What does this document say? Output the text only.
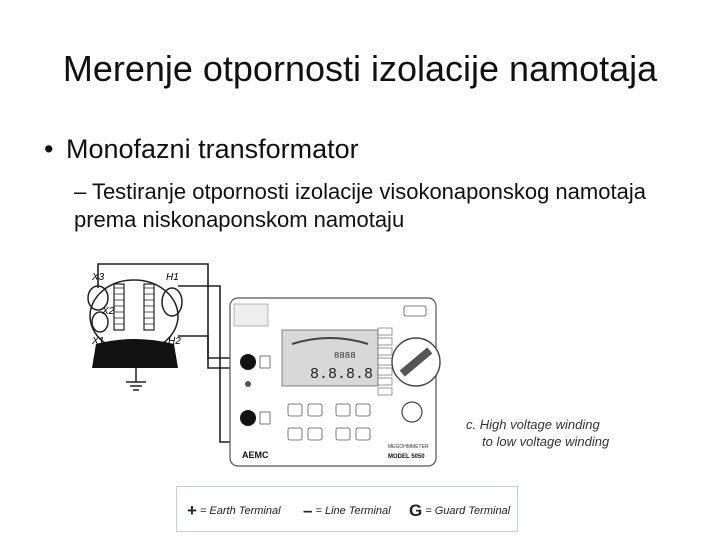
Merenje otpornosti izolacije namotaja
• Monofazni transformator
– Testiranje otpornosti izolacije visokonaponskog namotaja prema niskonaponskom namotaju
X3	H1
X2
X1	H2
8888
8.8.8.8
AEMC
MEGOHMMETER
MODEL 5050
c. High voltage winding
to low voltage winding
+ = Earth Terminal – = Line Terminal G = Guard Terminal
